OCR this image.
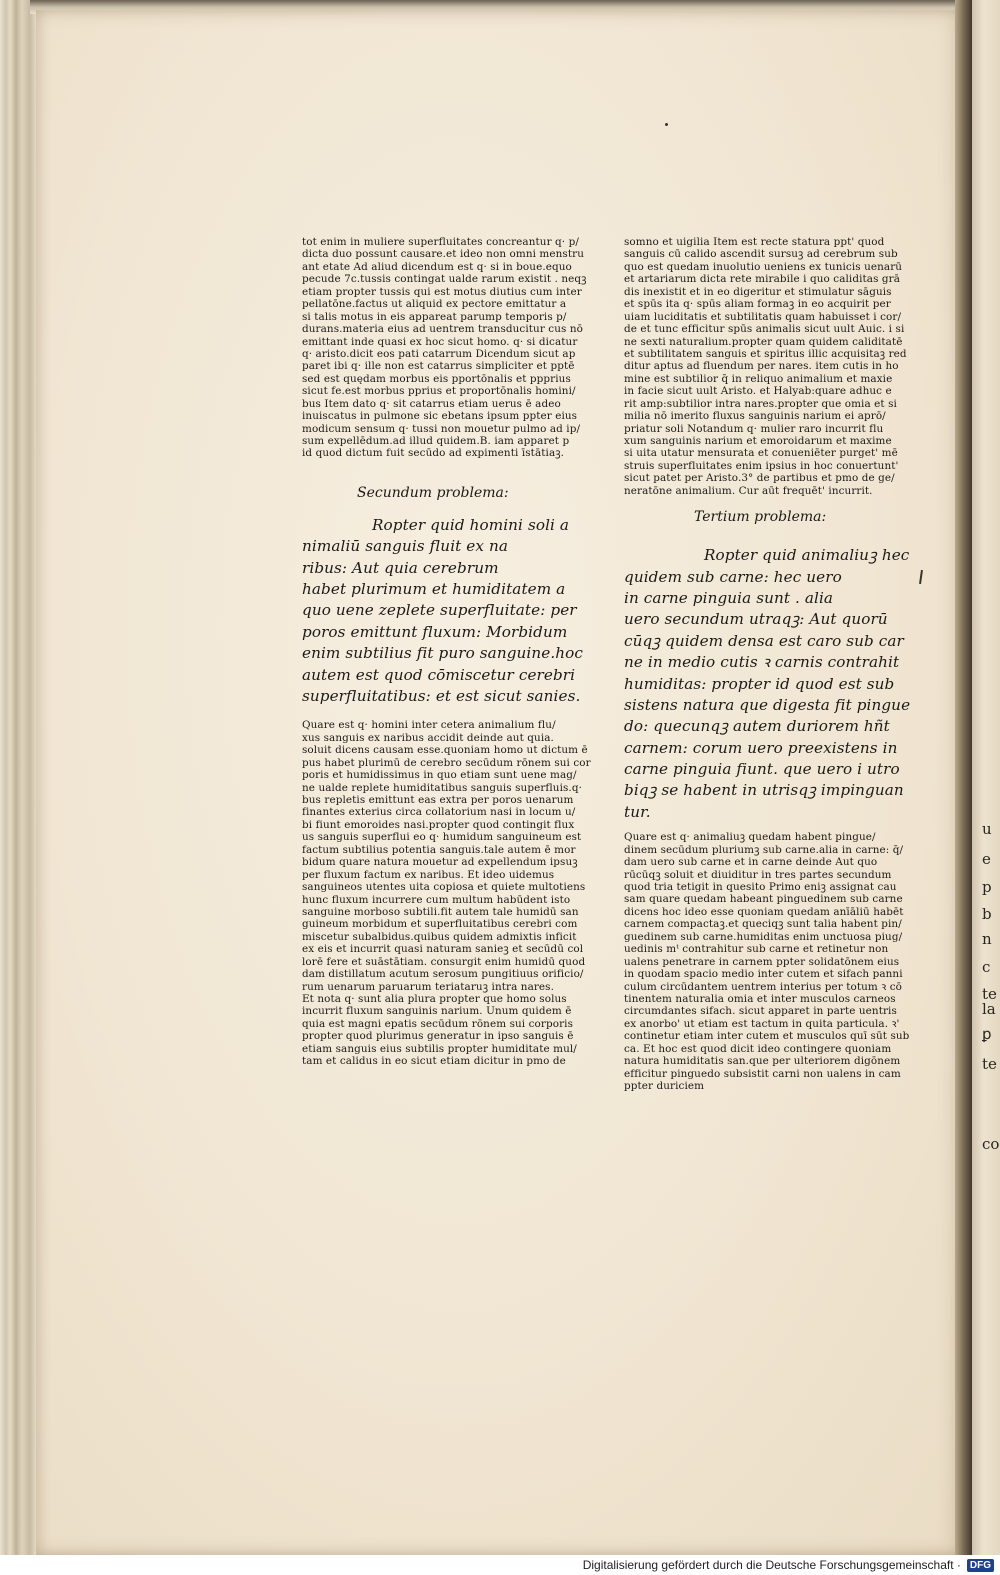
u
e
p
b
n
c
te
la
ꝑ
te
co
tot enim in muliere superfluitates concreantur q· p/
dicta duo possunt causare.et ideo non omni menstru
ant etate Ad aliud dicendum est q· si in boue.equo
pecude 7c.tussis contingat ualde rarum existit . neqꝫ
etiam propter tussis qui est motus diutius cum inter
pellatōne.factus ut aliquid ex pectore emittatur a
si talis motus in eis appareat parump temporis p/
durans.materia eius ad uentrem transducitur cus nō
emittant inde quasi ex hoc sicut homo. q· si dicatur
q· aristo.dicit eos pati catarrum Dicendum sicut ap
paret ibi q· ille non est catarrus simpliciter et pptē
sed est quędam morbus eis pportōnalis et ppprius
sicut fe.est morbus pprius et proportōnalis homini/
bus Item dato q· sit catarrus etiam uerus ē adeo
inuiscatus in pulmone sic ebetans ipsum ppter eius
modicum sensum q· tussi non mouetur pulmo ad ip/
sum expellēdum.ad illud quidem.B. iam apparet p
id quod dictum fuit secūdo ad expimenti īstātiaꝫ.
Secundum problema:
Ropter quid homini soli a
nimaliū sanguis fluit ex na
ribus: Aut quia cerebrum
habet plurimum et humiditatem a
quo uene zeplete superfluitate: per
poros emittunt fluxum: Morbidum
enim subtilius fit puro sanguine.hoc
autem est quod cōmiscetur cerebri
superfluitatibus: et est sicut sanies.
Quare est q· homini inter cetera animalium flu/
xus sanguis ex naribus accidit deinde aut quia.
soluit dicens causam esse.quoniam homo ut dictum ē
pus habet plurimū de cerebro secūdum rōnem sui cor
poris et humidissimus in quo etiam sunt uene mag/
ne ualde replete humiditatibus sanguis superfluis.q·
bus repletis emittunt eas extra per poros uenarum
finantes exterius circa collatorium nasi in locum u/
bi fiunt emoroides nasi.propter quod contingit flux
us sanguis superflui eo q· humidum sanguineum est
factum subtilius potentia sanguis.tale autem ē mor
bidum quare natura mouetur ad expellendum ipsuꝫ
per fluxum factum ex naribus. Et ideo uidemus
sanguineos utentes uita copiosa et quiete multotiens
hunc fluxum incurrere cum multum habūdent isto
sanguine morboso subtili.fit autem tale humidū san
guineum morbidum et superfluitatibus cerebri com
miscetur subalbidus.quibus quidem admixtis inficit
ex eis et incurrit quasi naturam sanieꝫ et secūdū col
lorē fere et suāstātiam. consurgit enim humidū quod
dam distillatum acutum serosum pungitiuus orificio/
rum uenarum paruarum teriataruꝫ intra nares.
Et nota q· sunt alia plura propter que homo solus
incurrit fluxum sanguinis narium. Unum quidem ē
quia est magni epatis secūdum rōnem sui corporis
propter quod plurimus generatur in ipso sanguis ē
etiam sanguis eius subtilis propter humiditate mul/
tam et calidus in eo sicut etiam dicitur in pmo de
somno et uigilia Item est recte statura ppt' quod
sanguis cū calido ascendit sursuꝫ ad cerebrum sub
quo est quedam inuolutio ueniens ex tunicis uenarū
et artariarum dicta rete mirabile i quo caliditas grā
dis inexistit et in eo digeritur et stimulatur sāguis
et spūs ita q· spūs aliam formaꝫ in eo acquirit per
uiam luciditatis et subtilitatis quam habuisset i cor/
de et tunc efficitur spūs animalis sicut uult Auic. i si
ne sexti naturalium.propter quam quidem caliditatē
et subtilitatem sanguis et spiritus illic acquisitaꝫ red
ditur aptus ad fluendum per nares. item cutis in ho
mine est subtilior q̄ in reliquo animalium et maxie
in facie sicut uult Aristo. et Halyab:quare adhuc e
rit amp:subtilior intra nares.propter que omia et si
milia nō imerito fluxus sanguinis narium ei aprō/
priatur soli Notandum q· mulier raro incurrit flu
xum sanguinis narium et emoroidarum et maxime
si uita utatur mensurata et conueniēter purget' mē
struis superfluitates enim ipsius in hoc conuertunt'
sicut patet per Aristo.3° de partibus et pmo de ge/
neratōne animalium. Cur aūt frequēt' incurrit.
Tertium problema:
Ropter quid animaliuꝫ hec
quidem sub carne: hec uero
in carne pinguia sunt . alia
uero secundum utraqꝫ: Aut quorū
cūqꝫ quidem densa est caro sub car
ne in medio cutis ꝛ carnis contrahit
humiditas: propter id quod est sub
sistens natura que digesta fit pingue
do: quecunqꝫ autem duriorem hñt
carnem: corum uero preexistens in
carne pinguia fiunt. que uero i utro
biqꝫ se habent in utrisqꝫ impinguan
tur.
Quare est q· animaliuꝫ quedam habent pingue/
dinem secūdum pluriumꝫ sub carne.alia in carne: q̄/
dam uero sub carne et in carne deinde Aut quo
rūcūqꝫ soluit et diuiditur in tres partes secundum
quod tria tetigit in quesito Primo eniꝫ assignat cau
sam quare quedam habeant pinguedinem sub carne
dicens hoc ideo esse quoniam quedam anīāliū habēt
carnem compactaꝫ.et queciqꝫ sunt talia habent pin/
guedinem sub carne.humiditas enim unctuosa piug/
uedinis mᵗ contrahitur sub carne et retinetur non
ualens penetrare in carnem ppter solidatōnem eius
in quodam spacio medio inter cutem et sifach panni
culum circūdantem uentrem interius per totum ꝛ cō
tinentem naturalia omia et inter musculos carneos
circumdantes sifach. sicut apparet in parte uentris
ex anorbo' ut etiam est tactum in quita particula. ꝛ'
continetur etiam inter cutem et musculos quī sūt sub
ca. Et hoc est quod dicit ideo contingere quoniam
natura humiditatis san.que per ulteriorem digōnem
efficitur pinguedo subsistit carni non ualens in cam
ppter duriciem
Digitalisierung gefördert durch die Deutsche Forschungsgemeinschaft · DFG
